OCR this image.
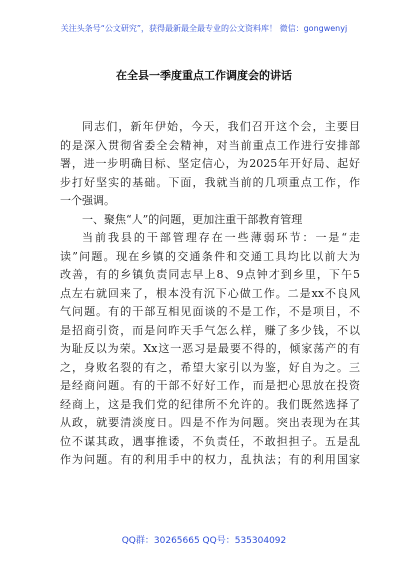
关注头条号“公文研究”，获得最新最全最专业的公文资料库！ 微信：gongwenyj
在全县一季度重点工作调度会的讲话
同志们，新年伊始，今天，我们召开这个会，主要目
的是深入贯彻省委全会精神，对当前重点工作进行安排部
署，进一步明确目标、坚定信心，为2025年开好局、起好
步打好坚实的基础。下面，我就当前的几项重点工作，作
一个强调。
一、聚焦“人”的问题，更加注重干部教育管理
当前我县的干部管理存在一些薄弱环节：一是“走
读”问题。现在乡镇的交通条件和交通工具均比以前大为
改善，有的乡镇负责同志早上8、9点钟才到乡里，下午5
点左右就回来了，根本没有沉下心做工作。二是xx不良风
气问题。有的干部互相见面谈的不是工作，不是项目，不
是招商引资，而是问昨天手气怎么样，赚了多少钱，不以
为耻反以为荣。Xx这一恶习是最要不得的，倾家荡产的有
之，身败名裂的有之，希望大家引以为鉴，好自为之。三
是经商问题。有的干部不好好工作，而是把心思放在投资
经商上，这是我们党的纪律所不允许的。我们既然选择了
从政，就要清淡度日。四是不作为问题。突出表现为在其
位不谋其政，遇事推诿，不负责任，不敢担担子。五是乱
作为问题。有的利用手中的权力，乱执法；有的利用国家
QQ群：30265665 QQ号：535304092
